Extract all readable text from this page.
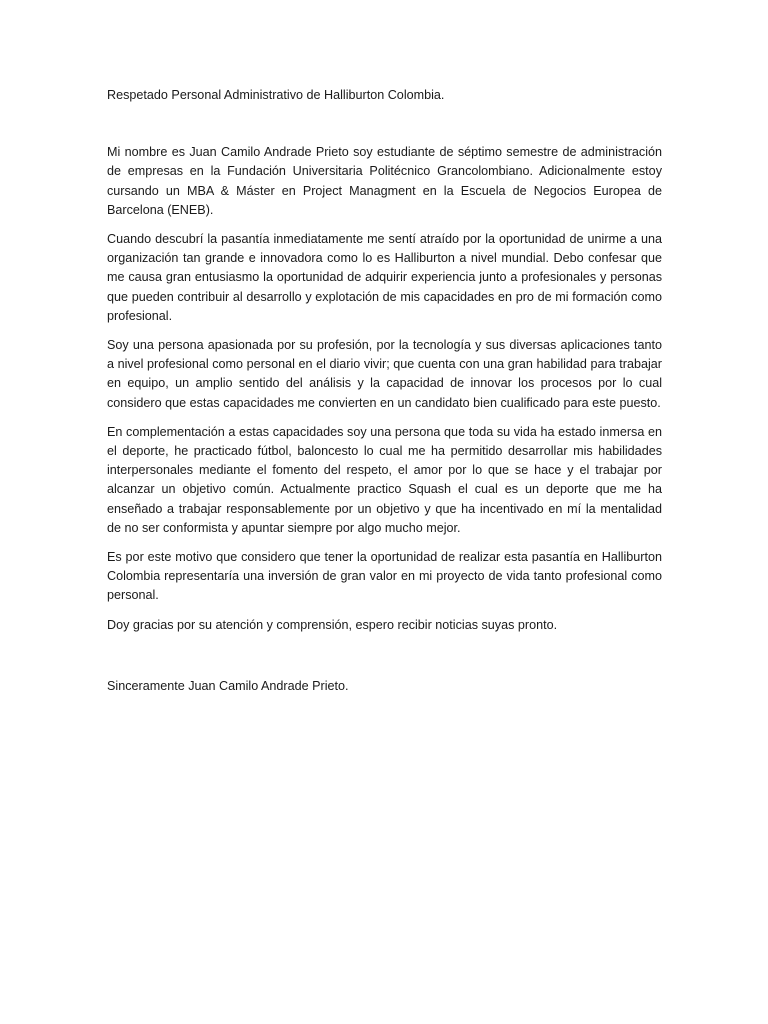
Respetado Personal Administrativo de Halliburton Colombia.

Mi nombre es Juan Camilo Andrade Prieto soy estudiante de séptimo semestre de administración de empresas en la Fundación Universitaria Politécnico Grancolombiano. Adicionalmente estoy cursando un MBA & Máster en Project Managment en la Escuela de Negocios Europea de Barcelona (ENEB).

Cuando descubrí la pasantía inmediatamente me sentí atraído por la oportunidad de unirme a una organización tan grande e innovadora como lo es Halliburton a nivel mundial. Debo confesar que me causa gran entusiasmo la oportunidad de adquirir experiencia junto a profesionales y personas que pueden contribuir al desarrollo y explotación de mis capacidades en pro de mi formación como profesional.

Soy una persona apasionada por su profesión, por la tecnología y sus diversas aplicaciones tanto a nivel profesional como personal en el diario vivir; que cuenta con una gran habilidad para trabajar en equipo, un amplio sentido del análisis y la capacidad de innovar los procesos por lo cual considero que estas capacidades me convierten en un candidato bien cualificado para este puesto.

En complementación a estas capacidades soy una persona que toda su vida ha estado inmersa en el deporte, he practicado fútbol, baloncesto lo cual me ha permitido desarrollar mis habilidades interpersonales mediante el fomento del respeto, el amor por lo que se hace y el trabajar por alcanzar un objetivo común. Actualmente practico Squash el cual es un deporte que me ha enseñado a trabajar responsablemente por un objetivo y que ha incentivado en mí la mentalidad de no ser conformista y apuntar siempre por algo mucho mejor.

Es por este motivo que considero que tener la oportunidad de realizar esta pasantía en Halliburton Colombia representaría una inversión de gran valor en mi proyecto de vida tanto profesional como personal.

Doy gracias por su atención y comprensión, espero recibir noticias suyas pronto.

Sinceramente Juan Camilo Andrade Prieto.
